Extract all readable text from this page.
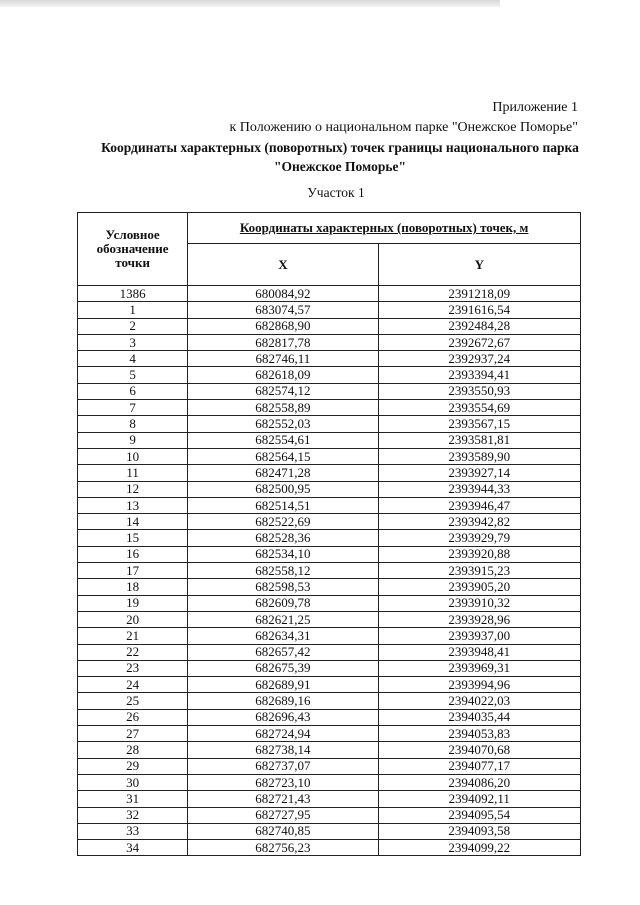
Приложение 1
к Положению о национальном парке "Онежское Поморье"
Координаты характерных (поворотных) точек границы национального парка
"Онежское Поморье"
Участок 1
Условное обозначение точки	Координаты характерных (поворотных) точек, м	
	X	Y
1386	680084,92	2391218,09
1	683074,57	2391616,54
2	682868,90	2392484,28
3	682817,78	2392672,67
4	682746,11	2392937,24
5	682618,09	2393394,41
6	682574,12	2393550,93
7	682558,89	2393554,69
8	682552,03	2393567,15
9	682554,61	2393581,81
10	682564,15	2393589,90
11	682471,28	2393927,14
12	682500,95	2393944,33
13	682514,51	2393946,47
14	682522,69	2393942,82
15	682528,36	2393929,79
16	682534,10	2393920,88
17	682558,12	2393915,23
18	682598,53	2393905,20
19	682609,78	2393910,32
20	682621,25	2393928,96
21	682634,31	2393937,00
22	682657,42	2393948,41
23	682675,39	2393969,31
24	682689,91	2393994,96
25	682689,16	2394022,03
26	682696,43	2394035,44
27	682724,94	2394053,83
28	682738,14	2394070,68
29	682737,07	2394077,17
30	682723,10	2394086,20
31	682721,43	2394092,11
32	682727,95	2394095,54
33	682740,85	2394093,58
34	682756,23	2394099,22
